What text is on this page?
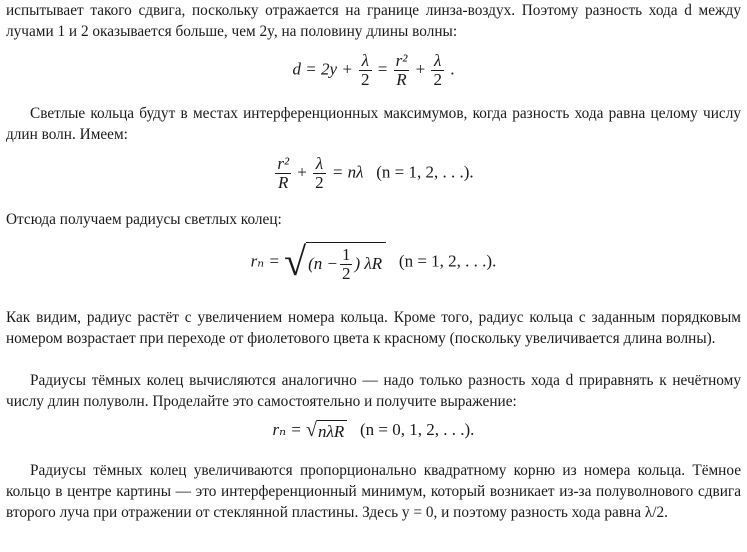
испытывает такого сдвига, поскольку отражается на границе линза-воздух. Поэтому разность хода d между лучами 1 и 2 оказывается больше, чем 2y, на половину длины волны:

$d = 2y + \frac{\lambda}{2} = \frac{\text{r²}}{R} + \frac{\lambda}{2}$ .

Светлые кольца будут в местах интерференционных максимумов, когда разность хода равна целому числу длин волн. Имеем:

$\frac{\text{r²}}{R} + \frac{\lambda}{2} = n\lambda$ (n = 1, 2, . . .).

Отсюда получаем радиусы светлых колец:

rₙ = √ ($n - \frac{1}{2}$ ) λR (n = 1, 2, . . .).

Как видим, радиус растёт с увеличением номера кольца. Кроме того, радиус кольца с заданным порядковым номером возрастает при переходе от фиолетового цвета к красному (поскольку увеличивается длина волны).

Радиусы тёмных колец вычисляются аналогично — надо только разность хода d приравнять к нечётному числу длин полуволн. Проделайте это самостоятельно и получите выражение:

rₙ = √ nλR (n = 0, 1, 2, . . .).

Радиусы тёмных колец увеличиваются пропорционально квадратному корню из номера кольца. Тёмное кольцо в центре картины — это интерференционный минимум, который возникает из-за полуволнового сдвига второго луча при отражении от стеклянной пластины. Здесь y = 0, и поэтому разность хода равна λ/2.
